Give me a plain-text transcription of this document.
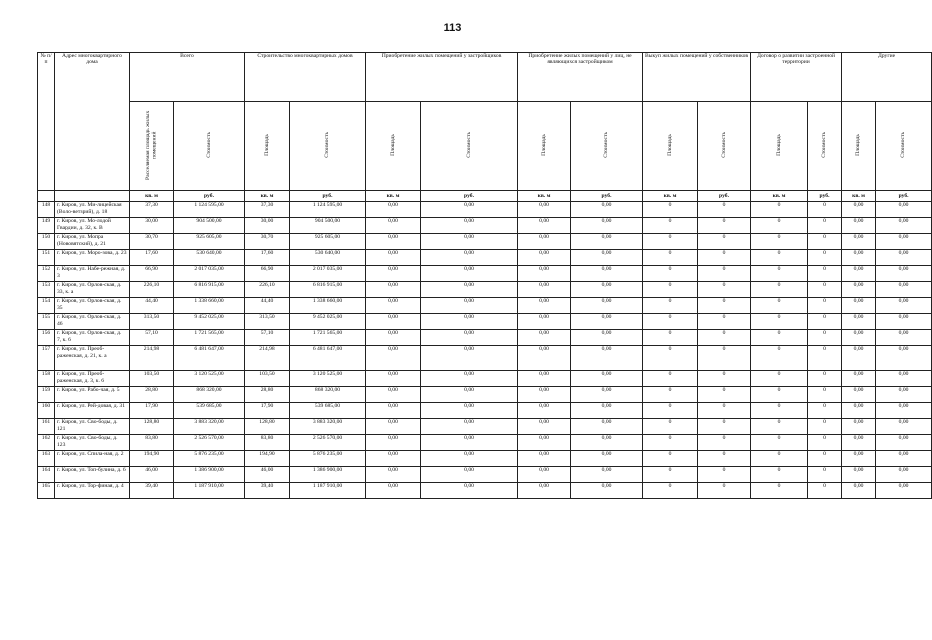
113
№ п/п	Адрес многоквартирного дома	Всего		Строительство многоквартирных домов		Приобретение жилых помещений у застройщиков		Приобретение жилых помещений у лиц, не являющихся застройщиком		Выкуп жилых помещений у собственников		Договор о развитии застроенной территории		Другие	
		Расселяемая площадь жилых помещений	Стоимость	Площадь	Стоимость	Площадь	Стоимость	Площадь	Стоимость	Площадь	Стоимость	Площадь	Стоимость	Площадь	Стоимость
		кв. м	руб.	кв. м	руб.	кв. м	руб.	кв. м	руб.	кв. м	руб.	кв. м	руб.	кв. м	руб.
148	г. Киров, ул. Ми-лицейская (Воло-ветзрий), д. 18	37,30	1 124 595,00	37,30	1 124 595,00	0,00	0,00	0,00	0,00	0	0	0	0	0,00	0,00
149	г. Киров, ул. Мо-лодой Гвардии, д. 32, к. В	30,00	904 500,00	30,00	904 500,00	0,00	0,00	0,00	0,00	0	0	0	0	0,00	0,00
150	г. Киров, ул. Мопра (Нововятский), д. 21	30,70	925 605,00	30,70	925 605,00	0,00	0,00	0,00	0,00	0	0	0	0	0,00	0,00
151	г. Киров, ул. Моро-зова, д. 23	17,60	530 640,00	17,60	530 640,00	0,00	0,00	0,00	0,00	0	0	0	0	0,00	0,00
152	г. Киров, ул. Набе-режная, д. 3	66,90	2 017 035,00	66,90	2 017 035,00	0,00	0,00	0,00	0,00	0	0	0	0	0,00	0,00
153	г. Киров, ул. Орлов-ская, д. 33, к. а	226,10	6 816 915,00	226,10	6 816 915,00	0,00	0,00	0,00	0,00	0	0	0	0	0,00	0,00
154	г. Киров, ул. Орлов-ская, д. 35	44,40	1 338 660,00	44,40	1 338 660,00	0,00	0,00	0,00	0,00	0	0	0	0	0,00	0,00
155	г. Киров, ул. Орлов-ская, д. 46	313,50	9 452 025,00	313,50	9 452 025,00	0,00	0,00	0,00	0,00	0	0	0	0	0,00	0,00
156	г. Киров, ул. Орлов-ская, д. 7, к. 6	57,10	1 721 565,00	57,10	1 721 565,00	0,00	0,00	0,00	0,00	0	0	0	0	0,00	0,00
157	г. Киров, ул. Преоб-раженская, д. 21, к. а	214,98	6 481 647,00	214,98	6 481 647,00	0,00	0,00	0,00	0,00	0	0	0	0	0,00	0,00
158	г. Киров, ул. Преоб-раженская, д. 3, к. 6	103,50	3 120 525,00	103,50	3 120 525,00	0,00	0,00	0,00	0,00	0	0	0	0	0,00	0,00
159	г. Киров, ул. Рабо-чая, д. 5	28,80	868 320,00	28,80	868 320,00	0,00	0,00	0,00	0,00	0	0	0	0	0,00	0,00
160	г. Киров, ул. Рей-довая, д. 31	17,90	539 685,00	17,90	539 685,00	0,00	0,00	0,00	0,00	0	0	0	0	0,00	0,00
161	г. Киров, ул. Сво-боды, д. 121	128,80	3 883 320,00	128,80	3 883 320,00	0,00	0,00	0,00	0,00	0	0	0	0	0,00	0,00
162	г. Киров, ул. Сво-боды, д. 123	83,80	2 526 570,00	83,80	2 526 570,00	0,00	0,00	0,00	0,00	0	0	0	0	0,00	0,00
163	г. Киров, ул. Спила-ная, д. 2	194,90	5 876 235,00	194,90	5 876 235,00	0,00	0,00	0,00	0,00	0	0	0	0	0,00	0,00
164	г. Киров, ул. Топ-булина, д. 6	46,00	1 386 900,00	46,00	1 386 900,00	0,00	0,00	0,00	0,00	0	0	0	0	0,00	0,00
165	г. Киров, ул. Тор-финая, д. 4	39,40	1 187 910,00	39,40	1 187 910,00	0,00	0,00	0,00	0,00	0	0	0	0	0,00	0,00
